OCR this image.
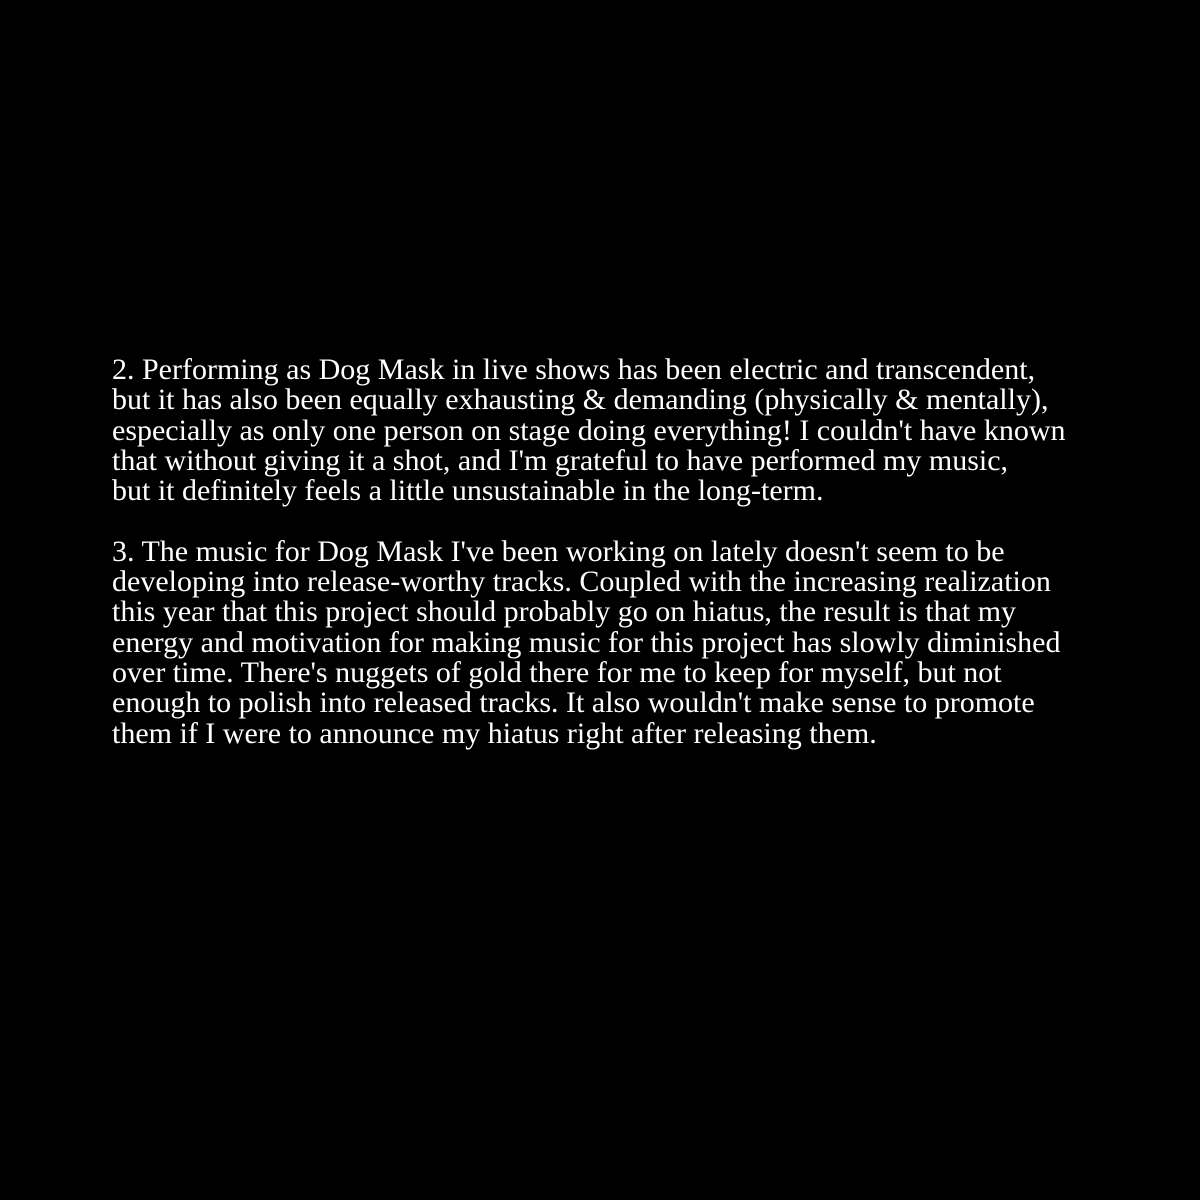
2. Performing as Dog Mask in live shows has been electric and transcendent,
but it has also been equally exhausting & demanding (physically & mentally),
especially as only one person on stage doing everything! I couldn't have known
that without giving it a shot, and I'm grateful to have performed my music,
but it definitely feels a little unsustainable in the long-term.

3. The music for Dog Mask I've been working on lately doesn't seem to be
developing into release-worthy tracks. Coupled with the increasing realization
this year that this project should probably go on hiatus, the result is that my
energy and motivation for making music for this project has slowly diminished
over time. There's nuggets of gold there for me to keep for myself, but not
enough to polish into released tracks. It also wouldn't make sense to promote
them if I were to announce my hiatus right after releasing them.
